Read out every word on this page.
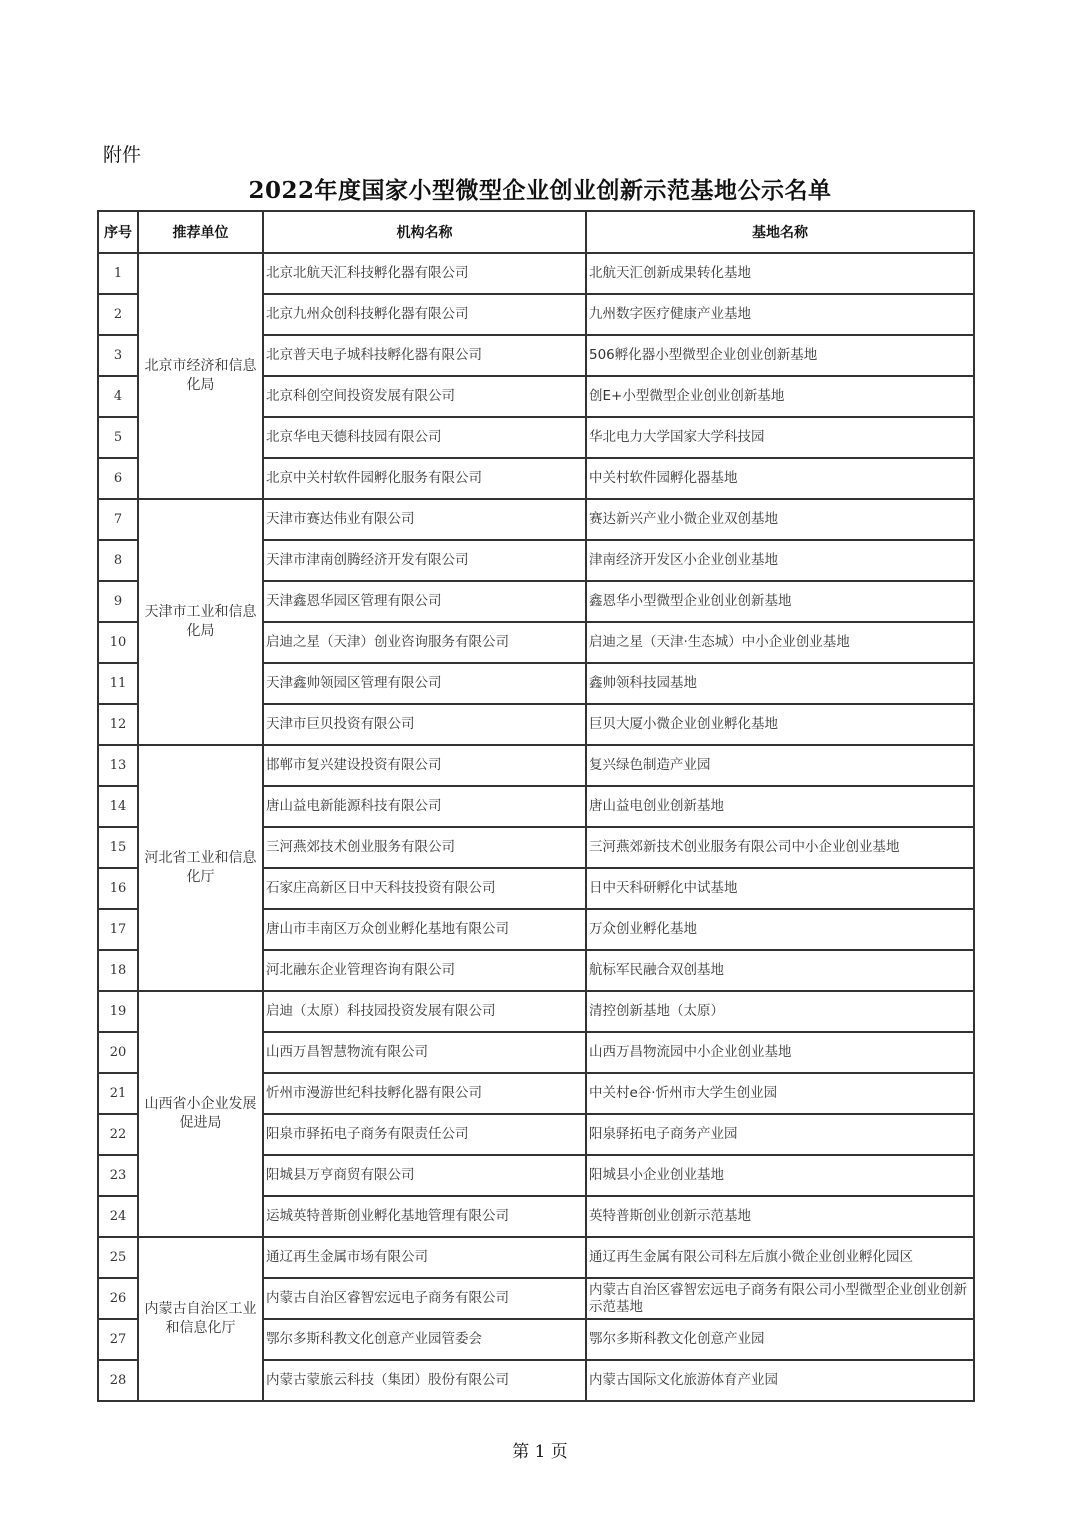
附件
2022年度国家小型微型企业创业创新示范基地公示名单
序号	推荐单位	机构名称	基地名称
1	北京市经济和信息化局	北京北航天汇科技孵化器有限公司	北航天汇创新成果转化基地
2		北京九州众创科技孵化器有限公司	九州数字医疗健康产业基地
3		北京普天电子城科技孵化器有限公司	506孵化器小型微型企业创业创新基地
4		北京科创空间投资发展有限公司	创E+小型微型企业创业创新基地
5		北京华电天德科技园有限公司	华北电力大学国家大学科技园
6		北京中关村软件园孵化服务有限公司	中关村软件园孵化器基地
7	天津市工业和信息化局	天津市赛达伟业有限公司	赛达新兴产业小微企业双创基地
8		天津市津南创腾经济开发有限公司	津南经济开发区小企业创业基地
9		天津鑫恩华园区管理有限公司	鑫恩华小型微型企业创业创新基地
10		启迪之星（天津）创业咨询服务有限公司	启迪之星（天津·生态城）中小企业创业基地
11		天津鑫帅领园区管理有限公司	鑫帅领科技园基地
12		天津市巨贝投资有限公司	巨贝大厦小微企业创业孵化基地
13	河北省工业和信息化厅	邯郸市复兴建设投资有限公司	复兴绿色制造产业园
14		唐山益电新能源科技有限公司	唐山益电创业创新基地
15		三河燕郊技术创业服务有限公司	三河燕郊新技术创业服务有限公司中小企业创业基地
16		石家庄高新区日中天科技投资有限公司	日中天科研孵化中试基地
17		唐山市丰南区万众创业孵化基地有限公司	万众创业孵化基地
18		河北融东企业管理咨询有限公司	航标军民融合双创基地
19	山西省小企业发展促进局	启迪（太原）科技园投资发展有限公司	清控创新基地（太原）
20		山西万昌智慧物流有限公司	山西万昌物流园中小企业创业基地
21		忻州市漫游世纪科技孵化器有限公司	中关村e谷·忻州市大学生创业园
22		阳泉市驿拓电子商务有限责任公司	阳泉驿拓电子商务产业园
23		阳城县万亨商贸有限公司	阳城县小企业创业基地
24		运城英特普斯创业孵化基地管理有限公司	英特普斯创业创新示范基地
25	内蒙古自治区工业和信息化厅	通辽再生金属市场有限公司	通辽再生金属有限公司科左后旗小微企业创业孵化园区
26		内蒙古自治区睿智宏远电子商务有限公司	内蒙古自治区睿智宏远电子商务有限公司小型微型企业创业创新示范基地
27		鄂尔多斯科教文化创意产业园管委会	鄂尔多斯科教文化创意产业园
28		内蒙古蒙旅云科技（集团）股份有限公司	内蒙古国际文化旅游体育产业园
第 1 页
